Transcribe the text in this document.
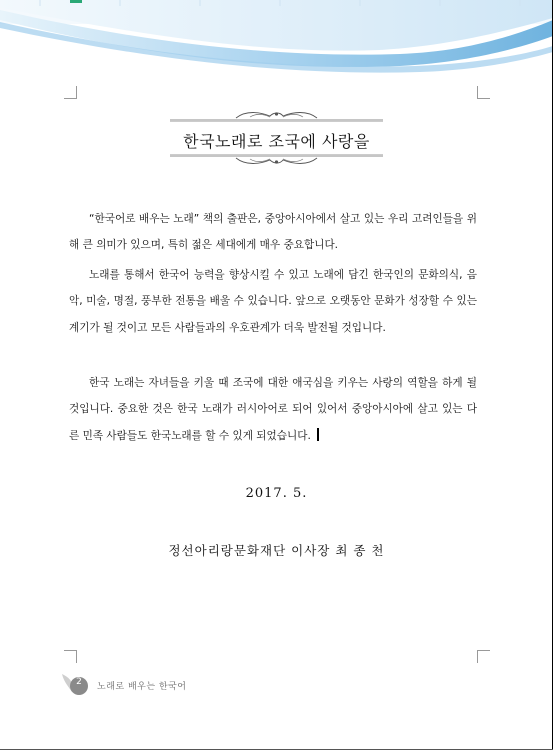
한국노래로 조국에 사랑을

“한국어로 배우는 노래” 책의 출판은, 중앙아시아에서 살고 있는 우리 고려인들을 위해 큰 의미가 있으며, 특히 젊은 세대에게 매우 중요합니다.

노래를 통해서 한국어 능력을 향상시킬 수 있고 노래에 담긴 한국인의 문화의식, 음악, 미술, 명절, 풍부한 전통을 배울 수 있습니다. 앞으로 오랫동안 문화가 성장할 수 있는 계기가 될 것이고 모든 사람들과의 우호관계가 더욱 발전될 것입니다.

한국 노래는 자녀들을 키울 때 조국에 대한 애국심을 키우는 사랑의 역할을 하게 될 것입니다. 중요한 것은 한국 노래가 러시아어로 되어 있어서 중앙아시아에 살고 있는 다른 민족 사람들도 한국노래를 할 수 있게 되었습니다.

2017. 5.
정선아리랑문화재단 이사장 최 종 천
2	노래로 배우는 한국어
